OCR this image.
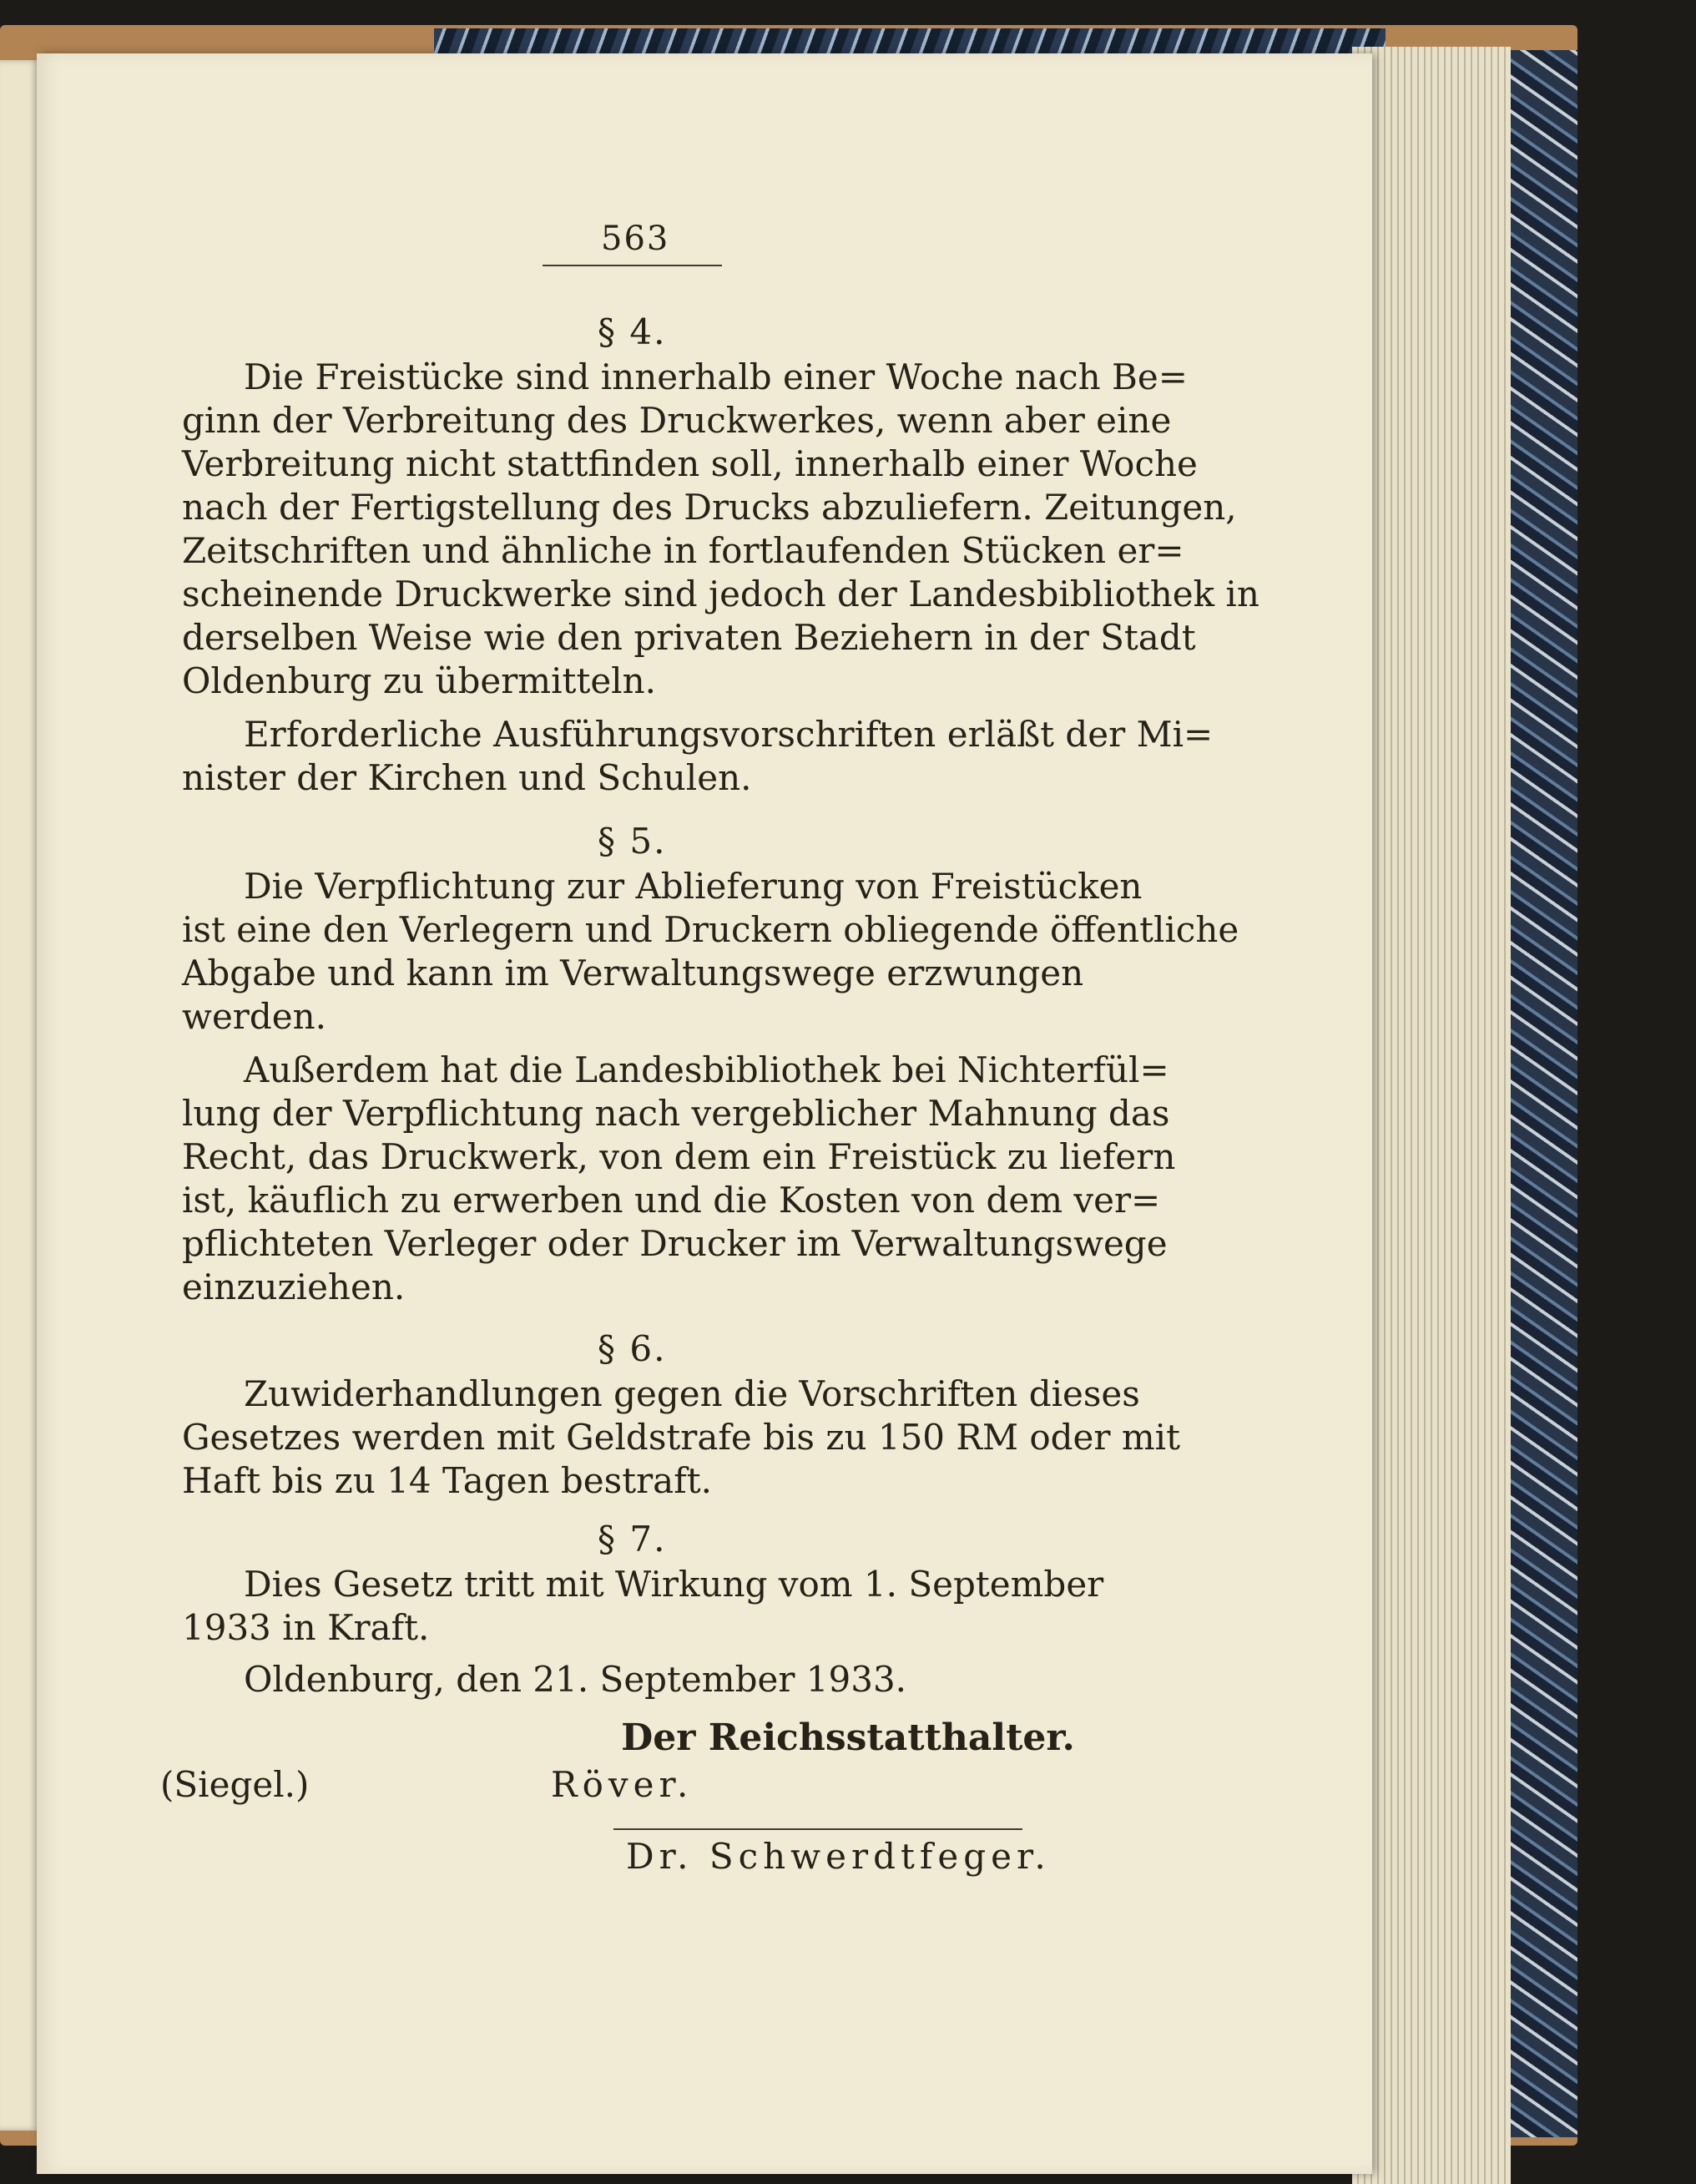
563
§ 4.
Die Freistücke sind innerhalb einer Woche nach Be=
ginn der Verbreitung des Druckwerkes, wenn aber eine
Verbreitung nicht stattfinden soll, innerhalb einer Woche
nach der Fertigstellung des Drucks abzuliefern. Zeitungen,
Zeitschriften und ähnliche in fortlaufenden Stücken er=
scheinende Druckwerke sind jedoch der Landesbibliothek in
derselben Weise wie den privaten Beziehern in der Stadt
Oldenburg zu übermitteln.
Erforderliche Ausführungsvorschriften erläßt der Mi=
nister der Kirchen und Schulen.
§ 5.
Die Verpflichtung zur Ablieferung von Freistücken
ist eine den Verlegern und Druckern obliegende öffentliche
Abgabe und kann im Verwaltungswege erzwungen
werden.
Außerdem hat die Landesbibliothek bei Nichterfül=
lung der Verpflichtung nach vergeblicher Mahnung das
Recht, das Druckwerk, von dem ein Freistück zu liefern
ist, käuflich zu erwerben und die Kosten von dem ver=
pflichteten Verleger oder Drucker im Verwaltungswege
einzuziehen.
§ 6.
Zuwiderhandlungen gegen die Vorschriften dieses
Gesetzes werden mit Geldstrafe bis zu 150 RM oder mit
Haft bis zu 14 Tagen bestraft.
§ 7.
Dies Gesetz tritt mit Wirkung vom 1. September
1933 in Kraft.
Oldenburg, den 21. September 1933.
Der Reichsstatthalter.
(Siegel.)	Röver.
Dr. Schwerdtfeger.
